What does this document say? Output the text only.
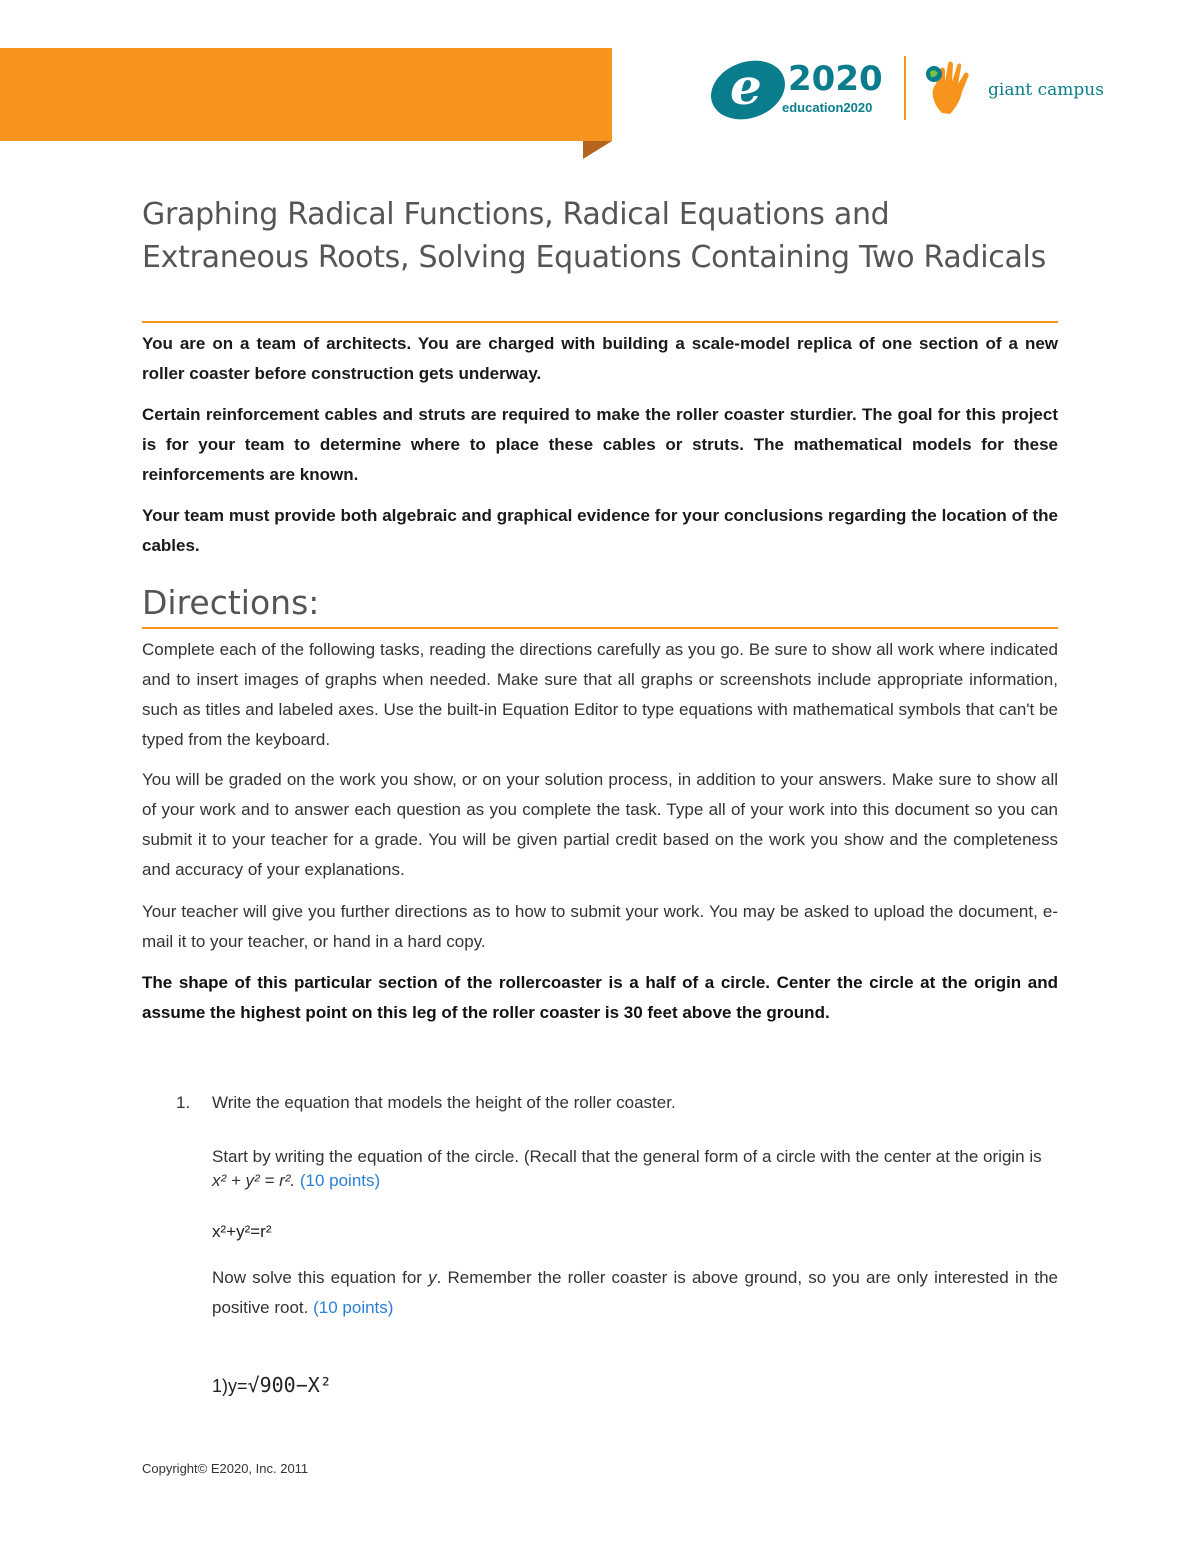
e 2020
education2020
giant campus
Graphing Radical Functions, Radical Equations and Extraneous Roots, Solving Equations Containing Two Radicals

You are on a team of architects. You are charged with building a scale-model replica of one section of a new roller coaster before construction gets underway.

Certain reinforcement cables and struts are required to make the roller coaster sturdier. The goal for this project is for your team to determine where to place these cables or struts. The mathematical models for these reinforcements are known.

Your team must provide both algebraic and graphical evidence for your conclusions regarding the location of the cables.

Directions:

Complete each of the following tasks, reading the directions carefully as you go. Be sure to show all work where indicated and to insert images of graphs when needed. Make sure that all graphs or screenshots include appropriate information, such as titles and labeled axes. Use the built-in Equation Editor to type equations with mathematical symbols that can't be typed from the keyboard.

You will be graded on the work you show, or on your solution process, in addition to your answers. Make sure to show all of your work and to answer each question as you complete the task. Type all of your work into this document so you can submit it to your teacher for a grade. You will be given partial credit based on the work you show and the completeness and accuracy of your explanations.

Your teacher will give you further directions as to how to submit your work. You may be asked to upload the document, e-mail it to your teacher, or hand in a hard copy.

The shape of this particular section of the rollercoaster is a half of a circle. Center the circle at the origin and assume the highest point on this leg of the roller coaster is 30 feet above the ground.

1. Write the equation that models the height of the roller coaster.

Start by writing the equation of the circle. (Recall that the general form of a circle with the center at the origin is x² + y² = r². (10 points)

x²+y²=r²

Now solve this equation for y. Remember the roller coaster is above ground, so you are only interested in the positive root. (10 points)

1)y=√900−X²
Copyright© E2020, Inc. 2011
